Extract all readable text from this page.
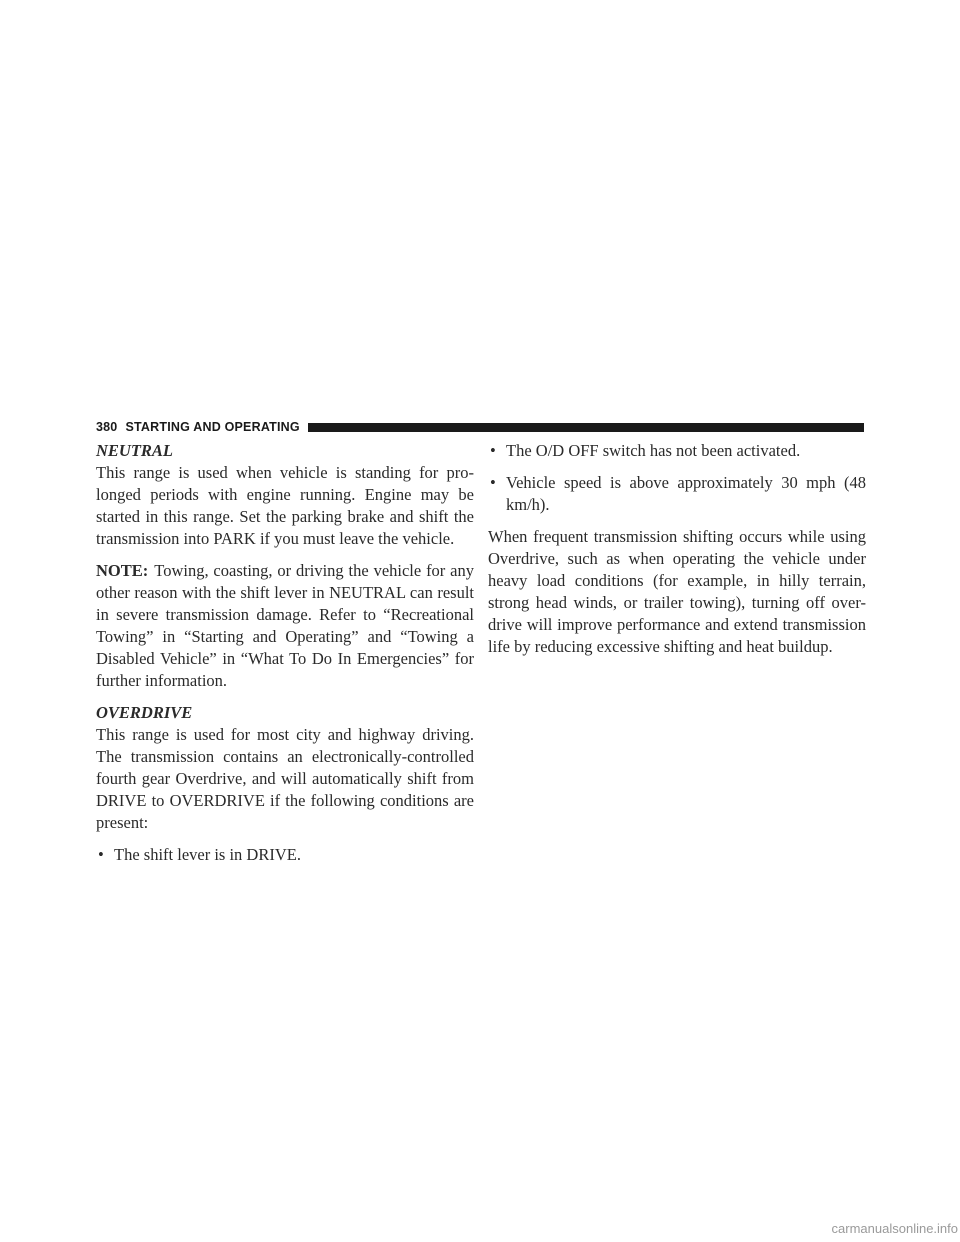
380 STARTING AND OPERATING
NEUTRAL

This range is used when vehicle is standing for pro-longed periods with engine running. Engine may be started in this range. Set the parking brake and shift the transmission into PARK if you must leave the vehicle.

NOTE: Towing, coasting, or driving the vehicle for any other reason with the shift lever in NEUTRAL can result in severe transmission damage. Refer to “Recreational Towing” in “Starting and Operating” and “Towing a Disabled Vehicle” in “What To Do In Emergencies” for further information.

OVERDRIVE

This range is used for most city and highway driving. The transmission contains an electronically-controlled fourth gear Overdrive, and will automatically shift from DRIVE to OVERDRIVE if the following conditions are present:

• The shift lever is in DRIVE.
• The O/D OFF switch has not been activated.
• Vehicle speed is above approximately 30 mph (48 km/h).

When frequent transmission shifting occurs while using Overdrive, such as when operating the vehicle under heavy load conditions (for example, in hilly terrain, strong head winds, or trailer towing), turning off over-drive will improve performance and extend transmission life by reducing excessive shifting and heat buildup.

carmanualsonline.info
